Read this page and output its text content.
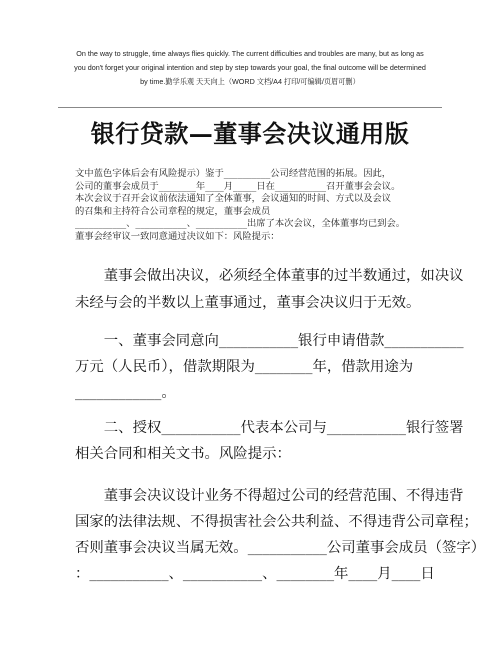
On the way to struggle, time always flies quickly. The current difficulties and troubles are many, but as long as
you don't forget your original intention and step by step towards your goal, the final outcome will be determined
by time.勤学乐观 天天向上（WORD 文档/A4 打印/可编辑/页眉可删）
银行贷款—董事会决议通用版
文中蓝色字体后会有风险提示）鉴于__________公司经营范围的拓展。因此，
公司的董事会成员于________年____月_____日在___________召开董事会会议。
本次会议于召开会议前依法通知了全体董事，会议通知的时间、方式以及会议
的召集和主持符合公司章程的规定，董事会成员
___________、___________、___________出席了本次会议，全体董事均已到会。
董事会经审议一致同意通过决议如下：风险提示：
　　董事会做出决议，必须经全体董事的过半数通过，如决议
未经与会的半数以上董事通过，董事会决议归于无效。
　　一、董事会同意向___________银行申请借款___________
万元（人民币），借款期限为________年，借款用途为
____________。
　　二、授权___________代表本公司与___________银行签署
相关合同和相关文书。风险提示：
　　董事会决议设计业务不得超过公司的经营范围、不得违背
国家的法律法规、不得损害社会公共利益、不得违背公司章程；
否则董事会决议当属无效。___________公司董事会成员（签字）
：___________、___________、________年____月____日
